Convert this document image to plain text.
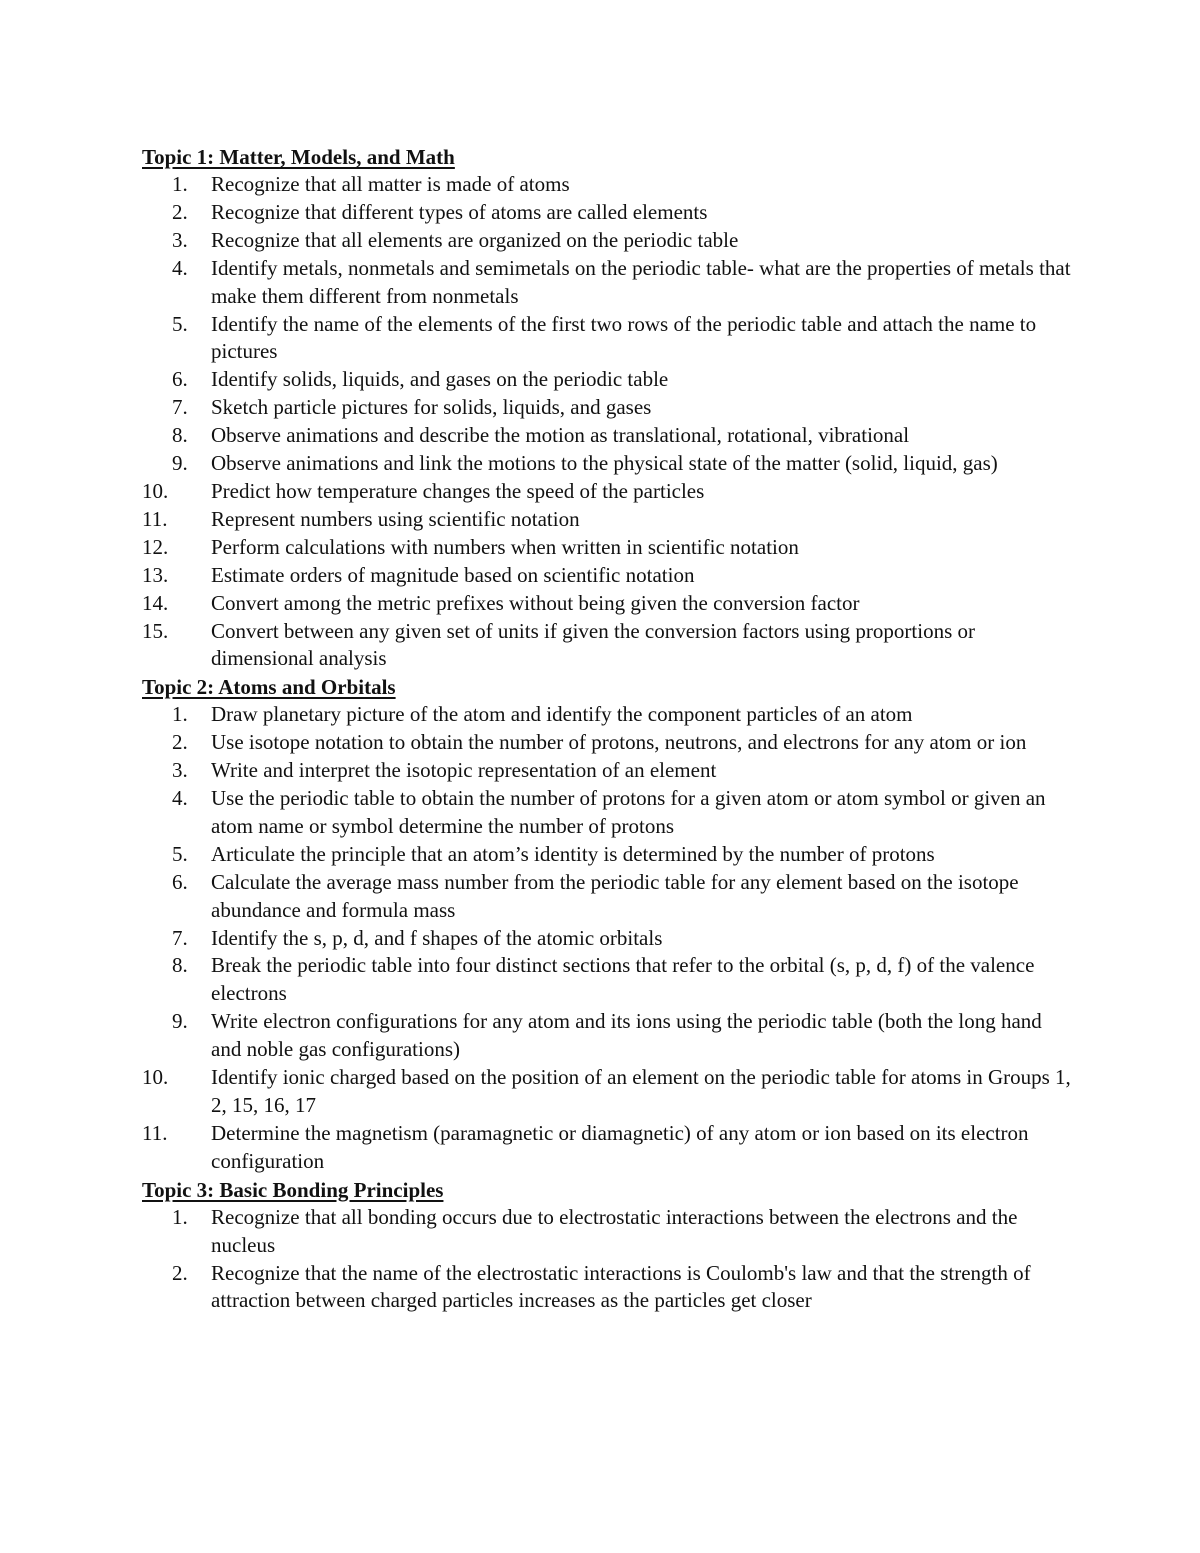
Topic 1: Matter, Models, and Math
1.	Recognize that all matter is made of atoms
2.	Recognize that different types of atoms are called elements
3.	Recognize that all elements are organized on the periodic table
4.	Identify metals, nonmetals and semimetals on the periodic table- what are the properties of metals that make them different from nonmetals
5.	Identify the name of the elements of the first two rows of the periodic table and attach the name to pictures
6.	Identify solids, liquids, and gases on the periodic table
7.	Sketch particle pictures for solids, liquids, and gases
8.	Observe animations and describe the motion as translational, rotational, vibrational
9.	Observe animations and link the motions to the physical state of the matter (solid, liquid, gas)
10.	Predict how temperature changes the speed of the particles
11.	Represent numbers using scientific notation
12.	Perform calculations with numbers when written in scientific notation
13.	Estimate orders of magnitude based on scientific notation
14.	Convert among the metric prefixes without being given the conversion factor
15.	Convert between any given set of units if given the conversion factors using proportions or dimensional analysis
Topic 2: Atoms and Orbitals
1.	Draw planetary picture of the atom and identify the component particles of an atom
2.	Use isotope notation to obtain the number of protons, neutrons, and electrons for any atom or ion
3.	Write and interpret the isotopic representation of an element
4.	Use the periodic table to obtain the number of protons for a given atom or atom symbol or given an atom name or symbol determine the number of protons
5.	Articulate the principle that an atom’s identity is determined by the number of protons
6.	Calculate the average mass number from the periodic table for any element based on the isotope abundance and formula mass
7.	Identify the s, p, d, and f shapes of the atomic orbitals
8.	Break the periodic table into four distinct sections that refer to the orbital (s, p, d, f) of the valence electrons
9.	Write electron configurations for any atom and its ions using the periodic table (both the long hand and noble gas configurations)
10.	Identify ionic charged based on the position of an element on the periodic table for atoms in Groups 1, 2, 15, 16, 17
11.	Determine the magnetism (paramagnetic or diamagnetic) of any atom or ion based on its electron configuration
Topic 3: Basic Bonding Principles
1.	Recognize that all bonding occurs due to electrostatic interactions between the electrons and the nucleus
2.	Recognize that the name of the electrostatic interactions is Coulomb's law and that the strength of attraction between charged particles increases as the particles get closer
